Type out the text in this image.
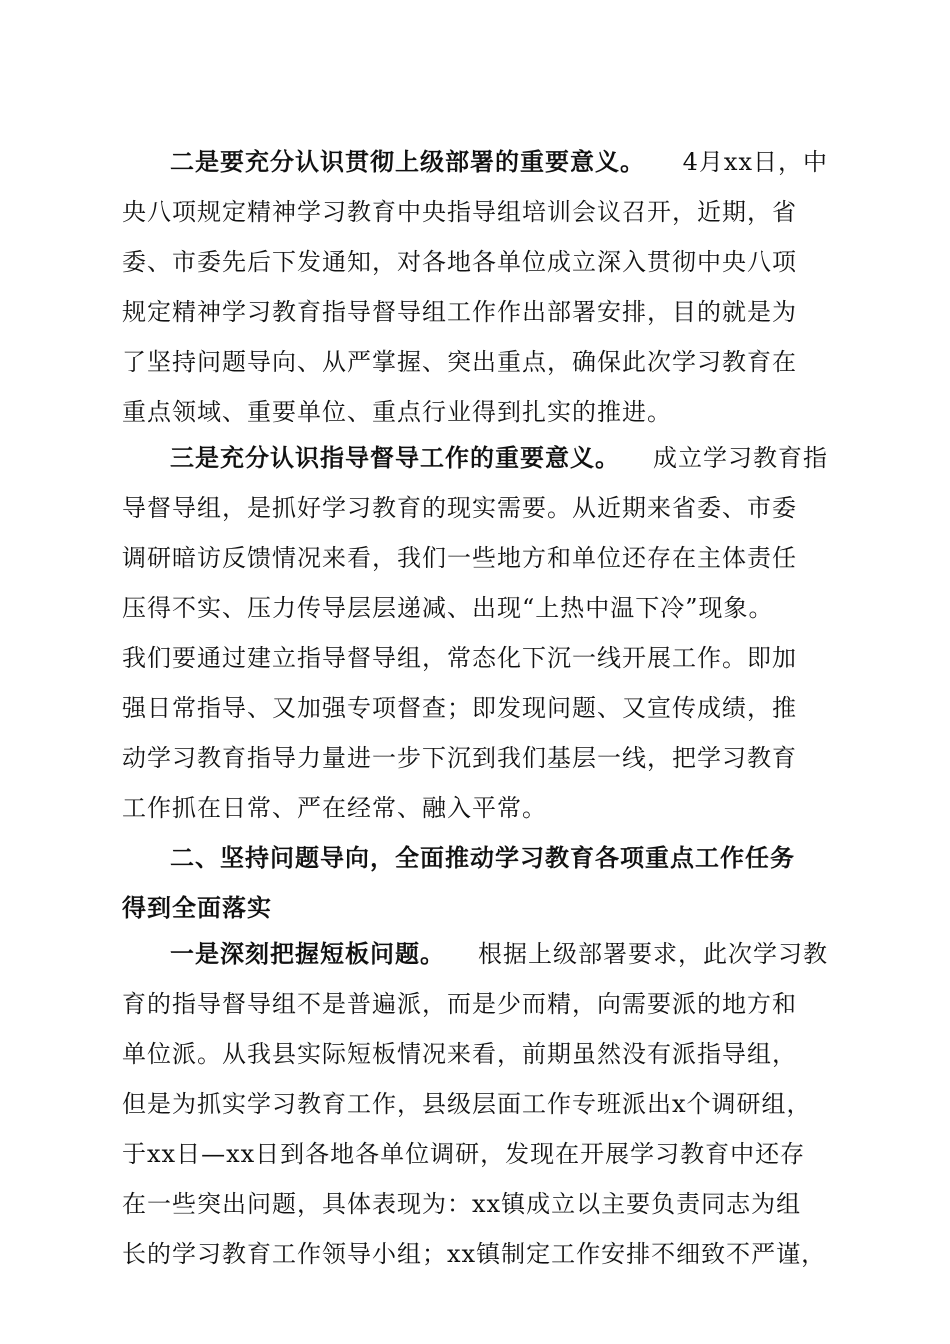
二是要充分认识贯彻上级部署的重要意义。 4月xx日，中
央八项规定精神学习教育中央指导组培训会议召开，近期，省
委、市委先后下发通知，对各地各单位成立深入贯彻中央八项
规定精神学习教育指导督导组工作作出部署安排，目的就是为
了坚持问题导向、从严掌握、突出重点，确保此次学习教育在
重点领域、重要单位、重点行业得到扎实的推进。
三是充分认识指导督导工作的重要意义。 成立学习教育指
导督导组，是抓好学习教育的现实需要。从近期来省委、市委
调研暗访反馈情况来看，我们一些地方和单位还存在主体责任
压得不实、压力传导层层递减、出现“上热中温下冷”现象。
我们要通过建立指导督导组，常态化下沉一线开展工作。即加
强日常指导、又加强专项督查；即发现问题、又宣传成绩，推
动学习教育指导力量进一步下沉到我们基层一线，把学习教育
工作抓在日常、严在经常、融入平常。
二、坚持问题导向，全面推动学习教育各项重点工作任务
得到全面落实
一是深刻把握短板问题。 根据上级部署要求，此次学习教
育的指导督导组不是普遍派，而是少而精，向需要派的地方和
单位派。从我县实际短板情况来看，前期虽然没有派指导组，
但是为抓实学习教育工作，县级层面工作专班派出x个调研组，
于xx日—xx日到各地各单位调研，发现在开展学习教育中还存
在一些突出问题，具体表现为：xx镇成立以主要负责同志为组
长的学习教育工作领导小组；xx镇制定工作安排不细致不严谨，
